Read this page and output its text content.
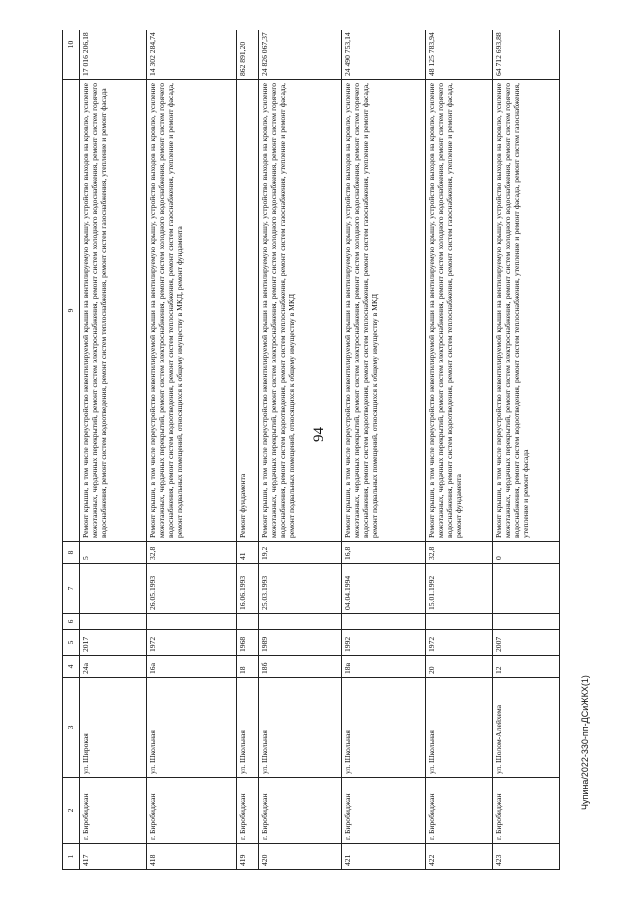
94
1	2	3	4	5	6	7	8	9	10
417	г. Биробиджан	ул. Широкая	24а	2017			5	Ремонт крыши, в том числе переустройство невентилируемой крыши на вентилируемую крышу, устройство выходов на кровлю, усиление межэтажных, чердачных перекрытий, ремонт систем электроснабжения, ремонт систем холодного водоснабжения, ремонт систем горячего водоснабжения, ремонт систем водоотведения, ремонт систем теплоснабжения, ремонт систем газоснабжения, утепление и ремонт фасада	17 016 206,18
418	г. Биробиджан	ул. Школьная	16а	1972		26.05.1993	32,8	Ремонт крыши, в том числе переустройство невентилируемой крыши на вентилируемую крышу, устройство выходов на кровлю, усиление межэтажных, чердачных перекрытий, ремонт систем электроснабжения, ремонт систем холодного водоснабжения, ремонт систем горячего водоснабжения, ремонт систем водоотведения, ремонт систем теплоснабжения, ремонт систем газоснабжения, утепление и ремонт фасада, ремонт подвальных помещений, относящихся к общему имуществу в МКД, ремонт фундамента	14 302 284,74
419	г. Биробиджан	ул. Школьная	18	1968		16.06.1993	41	Ремонт фундамента	862 891,20
420	г. Биробиджан	ул. Школьная	18б	1989		25.03.1993	19,2	Ремонт крыши, в том числе переустройство невентилируемой крыши на вентилируемую крышу, устройство выходов на кровлю, усиление межэтажных, чердачных перекрытий, ремонт систем электроснабжения, ремонт систем холодного водоснабжения, ремонт систем горячего водоснабжения, ремонт систем водоотведения, ремонт систем теплоснабжения, ремонт систем газоснабжения, утепление и ремонт фасада, ремонт подвальных помещений, относящихся к общему имуществу в МКД	24 826 067,37
421	г. Биробиджан	ул. Школьная	18в	1992		04.04.1994	16,8	Ремонт крыши, в том числе переустройство невентилируемой крыши на вентилируемую крышу, устройство выходов на кровлю, усиление межэтажных, чердачных перекрытий, ремонт систем электроснабжения, ремонт систем холодного водоснабжения, ремонт систем горячего водоснабжения, ремонт систем водоотведения, ремонт систем теплоснабжения, ремонт систем газоснабжения, утепление и ремонт фасада, ремонт подвальных помещений, относящихся к общему имуществу в МКД	24 490 753,14
422	г. Биробиджан	ул. Школьная	20	1972		15.01.1992	32,8	Ремонт крыши, в том числе переустройство невентилируемой крыши на вентилируемую крышу, устройство выходов на кровлю, усиление межэтажных, чердачных перекрытий, ремонт систем электроснабжения, ремонт систем холодного водоснабжения, ремонт систем горячего водоснабжения, ремонт систем водоотведения, ремонт систем теплоснабжения, ремонт систем газоснабжения, утепление и ремонт фасада, ремонт фундамента	48 125 783,94
423	г. Биробиджан	ул. Шолом-Алейхема	12	2007			0	Ремонт крыши, в том числе переустройство невентилируемой крыши на вентилируемую крышу, устройство выходов на кровлю, усиление межэтажных, чердачных перекрытий, ремонт систем электроснабжения, ремонт систем холодного водоснабжения, ремонт систем горячего водоснабжения, ремонт систем водоотведения, ремонт систем теплоснабжения, утепление и ремонт фасада, ремонт систем газоснабжения, утепление и ремонт фасада	64 712 693,88
Чупина/2022-330-пп-ДСиЖКХ(1)
